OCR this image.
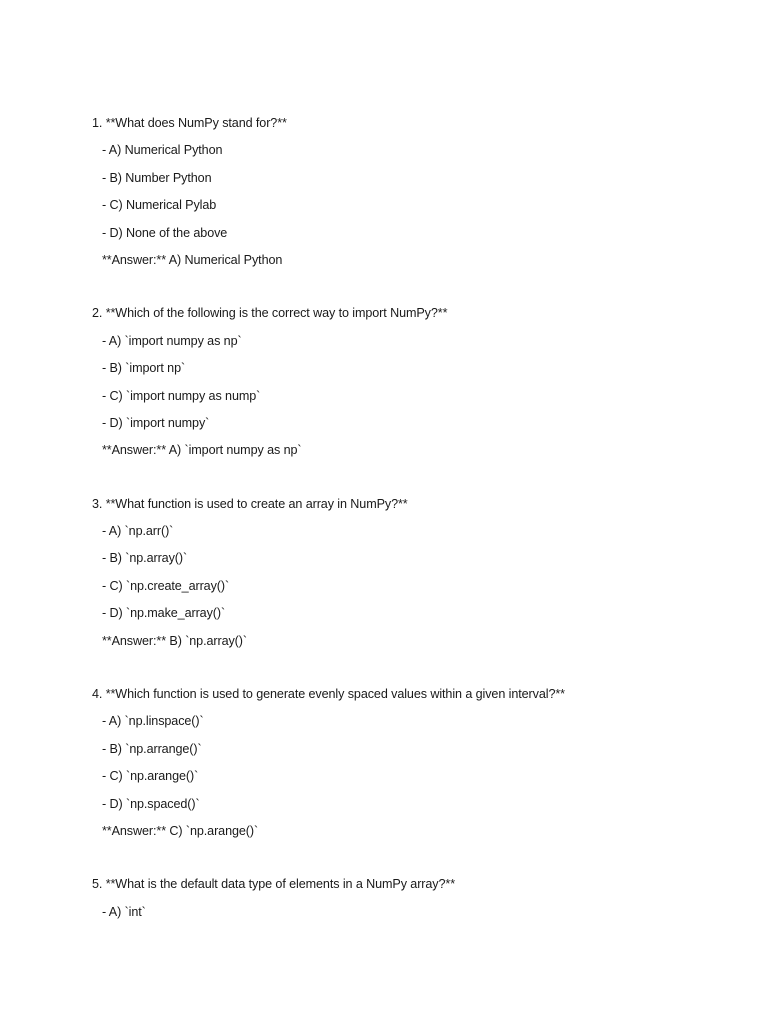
1. **What does NumPy stand for?**
- A) Numerical Python
- B) Number Python
- C) Numerical Pylab
- D) None of the above
**Answer:** A) Numerical Python
2. **Which of the following is the correct way to import NumPy?**
- A) `import numpy as np`
- B) `import np`
- C) `import numpy as nump`
- D) `import numpy`
**Answer:** A) `import numpy as np`
3. **What function is used to create an array in NumPy?**
- A) `np.arr()`
- B) `np.array()`
- C) `np.create_array()`
- D) `np.make_array()`
**Answer:** B) `np.array()`
4. **Which function is used to generate evenly spaced values within a given interval?**
- A) `np.linspace()`
- B) `np.arrange()`
- C) `np.arange()`
- D) `np.spaced()`
**Answer:** C) `np.arange()`
5. **What is the default data type of elements in a NumPy array?**
- A) `int`
